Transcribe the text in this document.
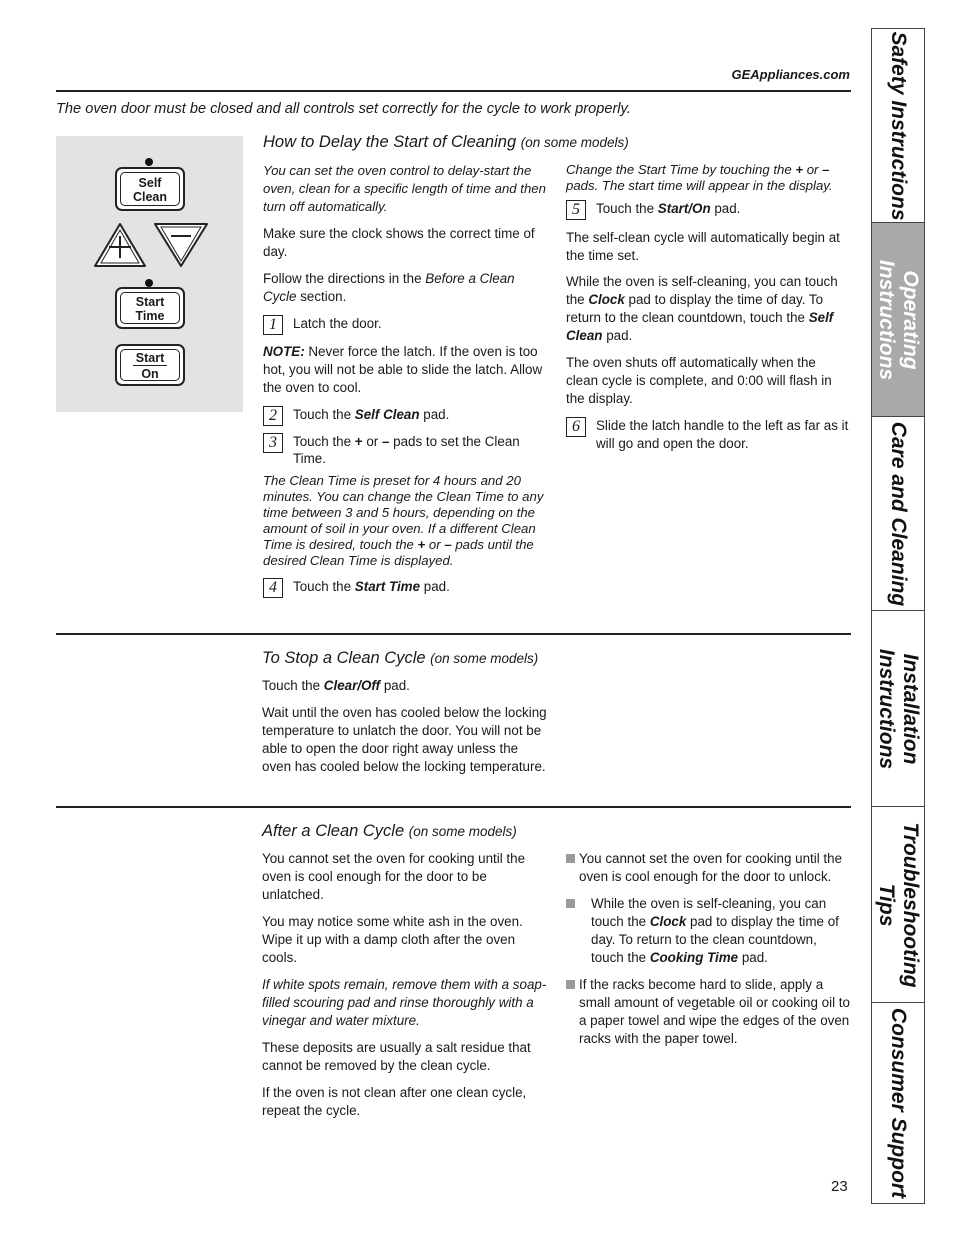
GEAppliances.com

The oven door must be closed and all controls set correctly for the cycle to work properly.

Self
Clean
Start
Time
Start
On
How to Delay the Start of Cleaning (on some models)

You can set the oven control to delay-start the oven, clean for a specific length of time and then turn off automatically.

Make sure the clock shows the correct time of day.

Follow the directions in the Before a Clean Cycle section.

1	Latch the door.

NOTE: Never force the latch. If the oven is too hot, you will not be able to slide the latch. Allow the oven to cool.

2	Touch the Self Clean pad.
3	Touch the + or – pads to set the Clean Time.

The Clean Time is preset for 4 hours and 20 minutes. You can change the Clean Time to any time between 3 and 5 hours, depending on the amount of soil in your oven. If a different Clean Time is desired, touch the + or – pads until the desired Clean Time is displayed.

4	Touch the Start Time pad.

Change the Start Time by touching the + or – pads. The start time will appear in the display.

5	Touch the Start/On pad.

The self-clean cycle will automatically begin at the time set.

While the oven is self-cleaning, you can touch the Clock pad to display the time of day. To return to the clean countdown, touch the Self Clean pad.

The oven shuts off automatically when the clean cycle is complete, and 0:00 will flash in the display.

6	Slide the latch handle to the left as far as it will go and open the door.
To Stop a Clean Cycle (on some models)

Touch the Clear/Off pad.

Wait until the oven has cooled below the locking temperature to unlatch the door. You will not be able to open the door right away unless the oven has cooled below the locking temperature.

After a Clean Cycle (on some models)

You cannot set the oven for cooking until the oven is cool enough for the door to be unlatched.

You may notice some white ash in the oven. Wipe it up with a damp cloth after the oven cools.

If white spots remain, remove them with a soap-filled scouring pad and rinse thoroughly with a vinegar and water mixture.

These deposits are usually a salt residue that cannot be removed by the clean cycle.

If the oven is not clean after one clean cycle, repeat the cycle.

You cannot set the oven for cooking until the oven is cool enough for the door to unlock.
While the oven is self-cleaning, you can touch the Clock pad to display the time of day. To return to the clean countdown, touch the Cooking Time pad.
If the racks become hard to slide, apply a small amount of vegetable oil or cooking oil to a paper towel and wipe the edges of the oven racks with the paper towel.
Safety Instructions
Operating Instructions
Care and Cleaning
Installation Instructions
Troubleshooting Tips
Consumer Support
23
